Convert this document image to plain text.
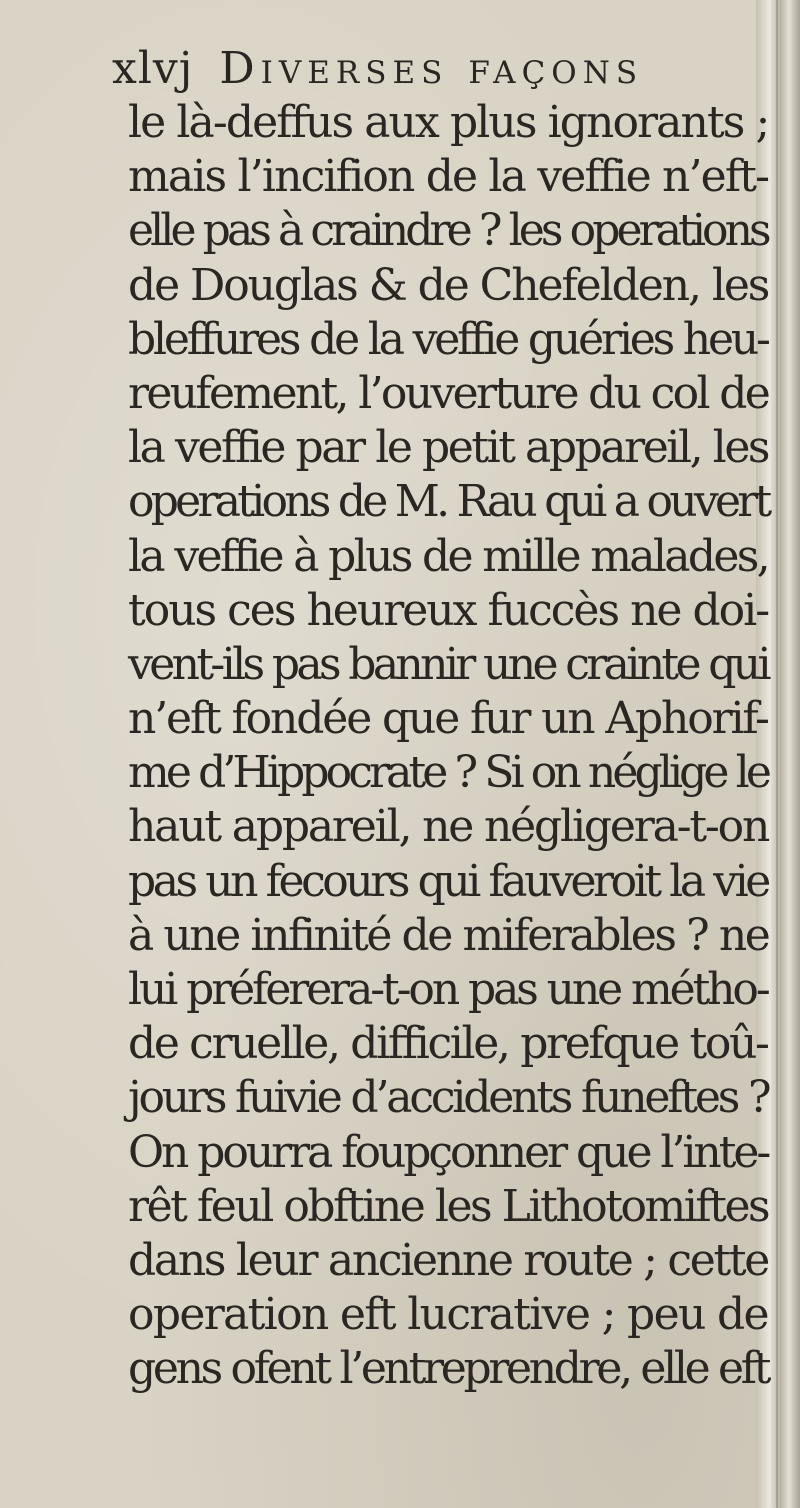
xlvj Diverses façons
le là-deffus aux plus ignorants ;
mais l’incifion de la veffie n’eft-
elle pas à craindre ? les operations
de Douglas & de Chefelden, les
bleffures de la veffie guéries heu-
reufement, l’ouverture du col de
la veffie par le petit appareil, les
operations de M. Rau qui a ouvert
la veffie à plus de mille malades,
tous ces heureux fuccès ne doi-
vent-ils pas bannir une crainte qui
n’eft fondée que fur un Aphorif-
me d’Hippocrate ? Si on néglige le
haut appareil, ne négligera-t-on
pas un fecours qui fauveroit la vie
à une infinité de miferables ? ne
lui préferera-t-on pas une métho-
de cruelle, difficile, prefque toû-
jours fuivie d’accidents funeftes ?
On pourra foupçonner que l’inte-
rêt feul obftine les Lithotomiftes
dans leur ancienne route ; cette
operation eft lucrative ; peu de
gens ofent l’entreprendre, elle eft
